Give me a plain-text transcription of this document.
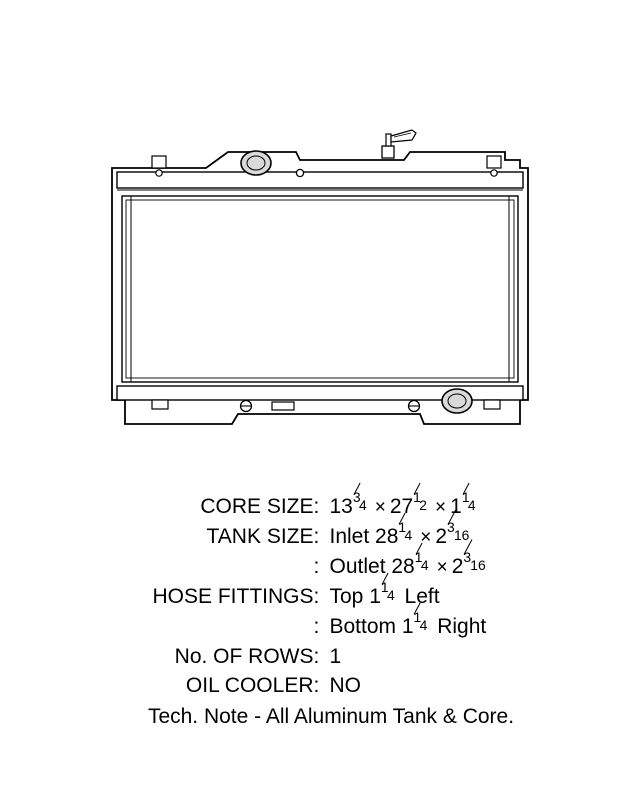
CORE SIZE	:	13 3
4 × 27 1
2 × 1 1
4

TANK SIZE	:	Inlet 28 1
4 × 2 3
16

	:	Outlet 28 1
4 × 2 3
16

HOSE FITTINGS	:	Top 1 1
4 Left
	:	Bottom 1 1
4 Right
No. OF ROWS	:	1
OIL COOLER	:	NO
Tech. Note - All Aluminum Tank & Core.
